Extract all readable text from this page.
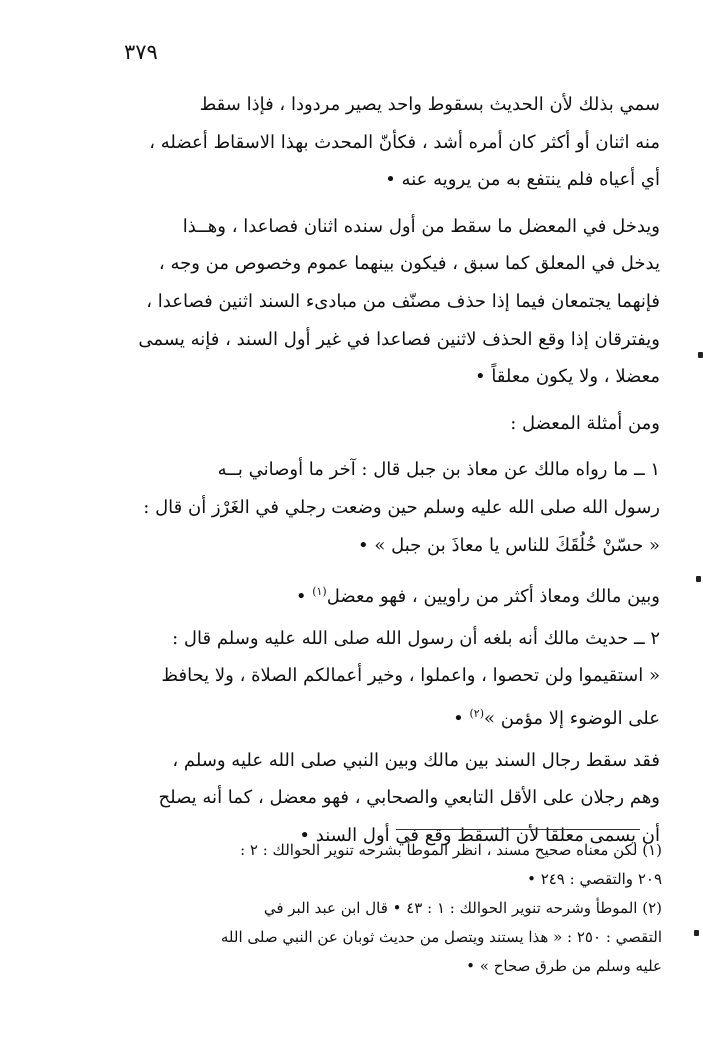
٣٧٩
سمي بذلك لأن الحديث بسقوط واحد يصير مردودا ، فإذا سقط
منه اثنان أو أكثر كان أمره أشد ، فكأنّ المحدث بهذا الاسقاط أعضله ،
أي أعياه فلم ينتفع به من يرويه عنه •
ويدخل في المعضل ما سقط من أول سنده اثنان فصاعدا ، وهــذا
يدخل في المعلق كما سبق ، فيكون بينهما عموم وخصوص من وجه ،
فإنهما يجتمعان فيما إذا حذف مصنّف من مبادىء السند اثنين فصاعدا ،
ويفترقان إذا وقع الحذف لاثنين فصاعدا في غير أول السند ، فإنه يسمى
معضلا ، ولا يكون معلقاً •
ومن أمثلة المعضل :
١ ــ ما رواه مالك عن معاذ بن جبل قال : آخر ما أوصاني بــه
رسول الله صلى الله عليه وسلم حين وضعت رجلي في الغَرْز أن قال :
« حسّنْ خُلُقَكَ للناس يا معاذَ بن جبل » •
وبين مالك ومعاذ أكثر من راويين ، فهو معضل$^{(١)}$ •
٢ ــ حديث مالك أنه بلغه أن رسول الله صلى الله عليه وسلم قال :
« استقيموا ولن تحصوا ، واعملوا ، وخير أعمالكم الصلاة ، ولا يحافظ
على الوضوء إلا مؤمن »$^{(٢)}$ •
فقد سقط رجال السند بين مالك وبين النبي صلى الله عليه وسلم ،
وهم رجلان على الأقل التابعي والصحابي ، فهو معضل ، كما أنه يصلح
أن يسمى معلقا لأن السقط وقع في أول السند •
(١) لكن معناه صحيح مسند ، انظر الموطأ بشرحه تنوير الحوالك : ٢ :
٢٠٩ والتقصي : ٢٤٩ •
(٢) الموطأ وشرحه تنوير الحوالك : ١ : ٤٣ • قال ابن عبد البر في
التقصي : ٢٥٠ : « هذا يستند ويتصل من حديث ثوبان عن النبي صلى الله
عليه وسلم من طرق صحاح » •
